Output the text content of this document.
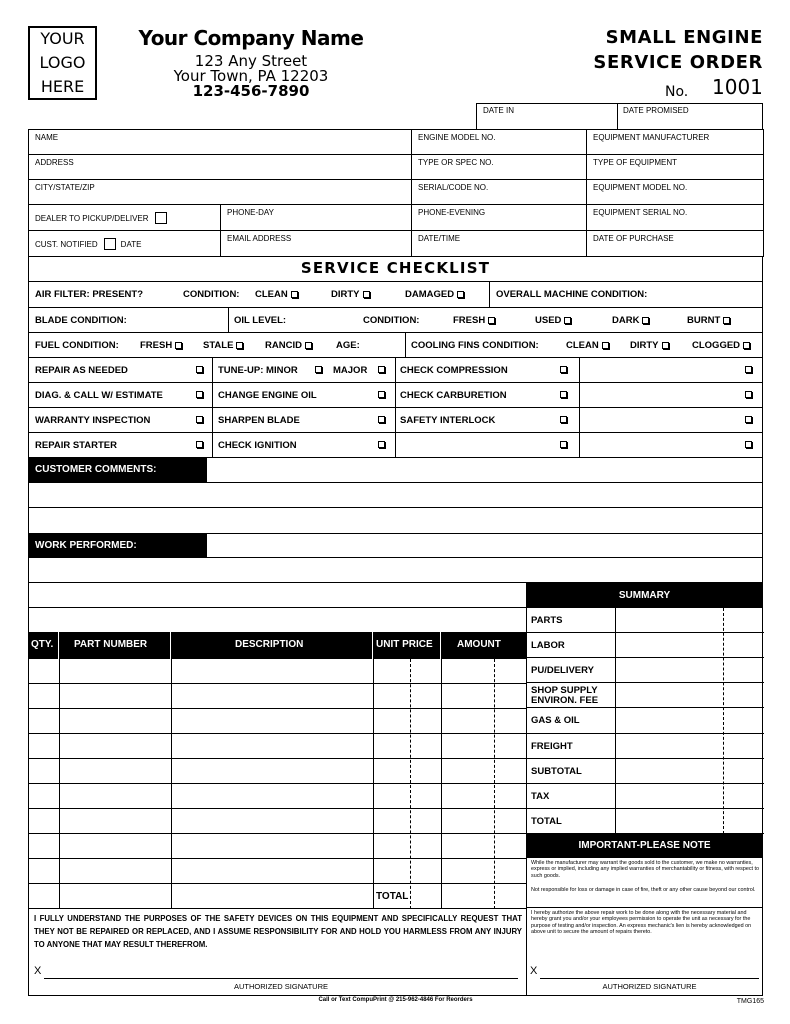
YOUR
LOGO
HERE
Your Company Name
123 Any Street
Your Town, PA 12203
123-456-7890
SMALL ENGINE
SERVICE ORDER
No. 1001
DATE IN	DATE PROMISED
NAME		ENGINE MODEL NO.	EQUIPMENT MANUFACTURER

ADDRESS		TYPE OR SPEC NO.	TYPE OF EQUIPMENT

CITY/STATE/ZIP		SERIAL/CODE NO.	EQUIPMENT MODEL NO.

DEALER TO PICKUP/DELIVER	PHONE-DAY	PHONE-EVENING	EQUIPMENT SERIAL NO.

CUST. NOTIFIED DATE	EMAIL ADDRESS	DATE/TIME	DATE OF PURCHASE
SERVICE CHECKLIST
AIR FILTER: PRESENT?	CONDITION: CLEAN	DIRTY	DAMAGED	OVERALL MACHINE CONDITION:
BLADE CONDITION:	OIL LEVEL:	CONDITION:	FRESH	USED	DARK	BURNT
FUEL CONDITION: FRESH	STALE	RANCID	AGE:	COOLING FINS CONDITION:	CLEAN	DIRTY	CLOGGED
REPAIR AS NEEDED	TUNE-UP: MINOR	MAJOR	CHECK COMPRESSION
DIAG. & CALL W/ ESTIMATE	CHANGE ENGINE OIL	CHECK CARBURETION
WARRANTY INSPECTION	SHARPEN BLADE	SAFETY INTERLOCK
REPAIR STARTER	CHECK IGNITION
CUSTOMER COMMENTS:
WORK PERFORMED:
QTY. PART NUMBER	DESCRIPTION	UNIT PRICE AMOUNT
TOTAL
SUMMARY
PARTS
LABOR
PU/DELIVERY
SHOP SUPPLY
ENVIRON. FEE
GAS & OIL
FREIGHT
SUBTOTAL
TAX
TOTAL
IMPORTANT-PLEASE NOTE
While the manufacturer may warrant the goods sold to the customer, we make no warranties, express or implied, including any implied warranties of merchantability or fitness, with respect to such goods.
Not responsible for loss or damage in case of fire, theft or any other cause beyond our control.
I hereby authorize the above repair work to be done along with the necessary material and hereby grant you and/or your employees permission to operate the unit as necessary for the purpose of testing and/or inspection. An express mechanic's lien is hereby acknowledged on above unit to secure the amount of repairs thereto.
I FULLY UNDERSTAND THE PURPOSES OF THE SAFETY DEVICES ON THIS EQUIPMENT AND SPECIFICALLY REQUEST THAT THEY NOT BE REPAIRED OR REPLACED, AND I ASSUME RESPONSIBILITY FOR AND HOLD YOU HARMLESS FROM ANY INJURY TO ANYONE THAT MAY RESULT THEREFROM.
X
AUTHORIZED SIGNATURE
X
AUTHORIZED SIGNATURE
Call or Text CompuPrint @ 215-962-4846 For Reorders	TMG165
